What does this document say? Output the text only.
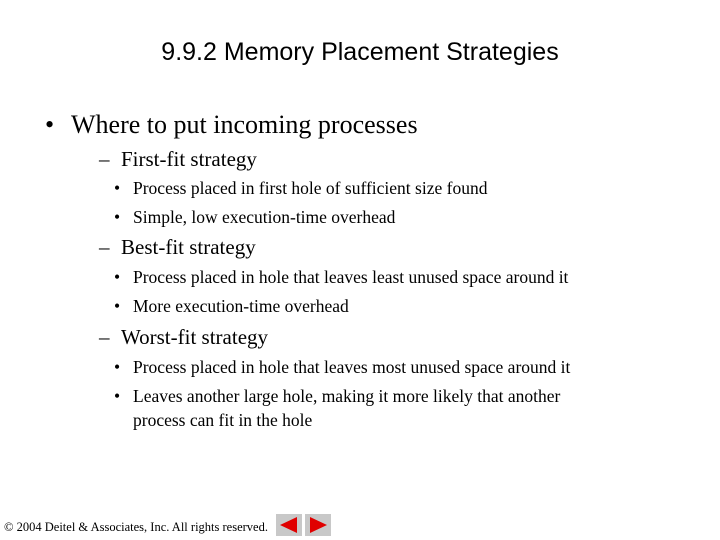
9.9.2 Memory Placement Strategies
• Where to put incoming processes
– First-fit strategy
• Process placed in first hole of sufficient size found
• Simple, low execution-time overhead
– Best-fit strategy
• Process placed in hole that leaves least unused space around it
• More execution-time overhead
– Worst-fit strategy
• Process placed in hole that leaves most unused space around it
• Leaves another large hole, making it more likely that another
process can fit in the hole
© 2004 Deitel & Associates, Inc. All rights reserved.
